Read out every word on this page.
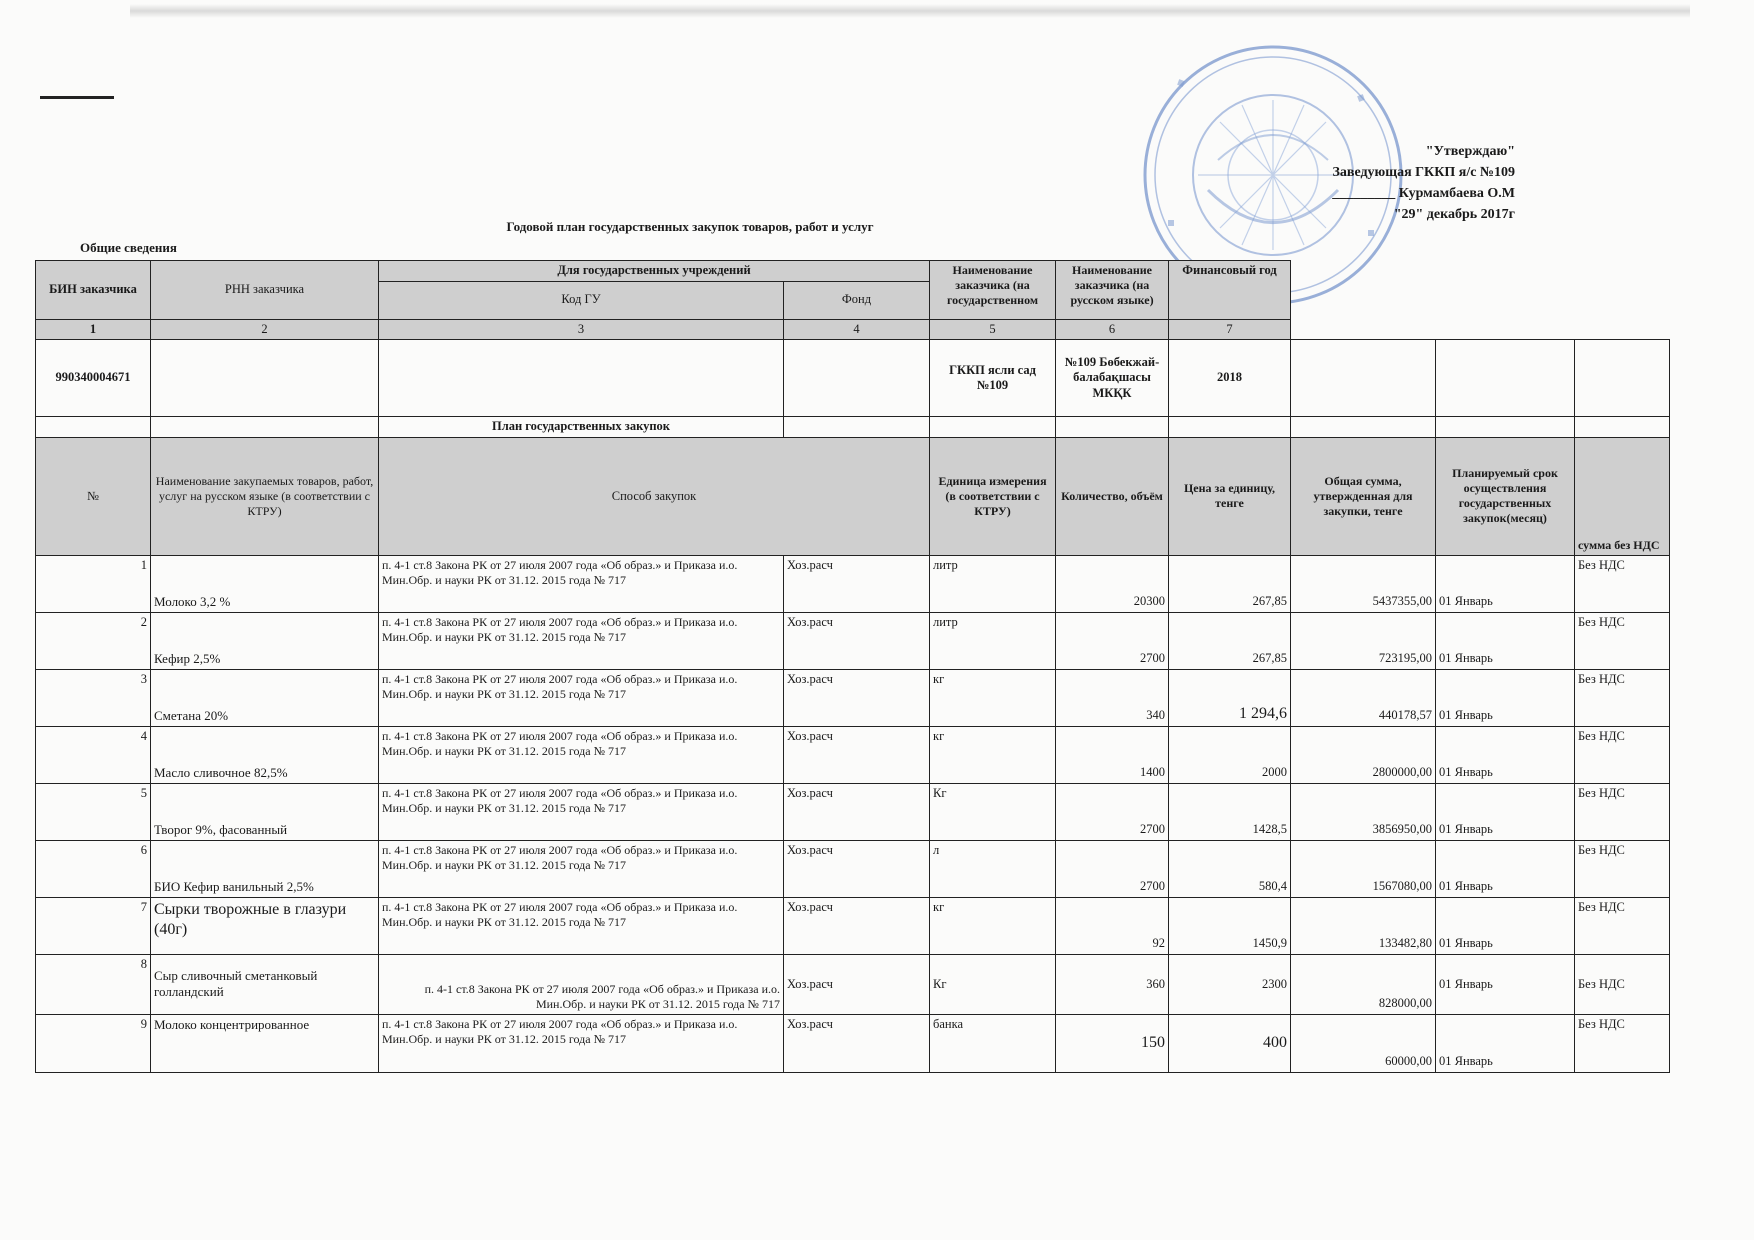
"Утверждаю"
Заведующая ГККП я/с №109
_________ Курмамбаева О.М
"29" декабрь 2017г
Годовой план государственных закупок товаров, работ и услуг
Общие сведения
БИН заказчика	РНН заказчика	Для государственных учреждений		Наименование заказчика (на государственном	Наименование заказчика (на русском языке)	Финансовый год			
		Код ГУ	Фонд						
1	2	3	4	5	6	7			
990340004671				ГККП ясли сад №109	№109 Бөбекжай-балабақшасы МКҚК	2018			
		План государственных закупок							
№	Наименование закупаемых товаров, работ, услуг на русском языке (в соответствии с КТРУ)	Способ закупок		Единица измерения (в соответствии с КТРУ)	Количество, объём	Цена за единицу, тенге	Общая сумма, утвержденная для закупки, тенге	Планируемый срок осуществления государственных закупок(месяц)	сумма без НДС
1	Молоко 3,2 %	п. 4-1 ст.8 Закона РК от 27 июля 2007 года «Об образ.» и Приказа и.о. Мин.Обр. и науки РК от 31.12. 2015 года № 717	Хоз.расч	литр	20300	267,85	5437355,00	01 Январь	Без НДС
2	Кефир 2,5%	п. 4-1 ст.8 Закона РК от 27 июля 2007 года «Об образ.» и Приказа и.о. Мин.Обр. и науки РК от 31.12. 2015 года № 717	Хоз.расч	литр	2700	267,85	723195,00	01 Январь	Без НДС
3	Сметана 20%	п. 4-1 ст.8 Закона РК от 27 июля 2007 года «Об образ.» и Приказа и.о. Мин.Обр. и науки РК от 31.12. 2015 года № 717	Хоз.расч	кг	340	1 294,6	440178,57	01 Январь	Без НДС
4	Масло сливочное 82,5%	п. 4-1 ст.8 Закона РК от 27 июля 2007 года «Об образ.» и Приказа и.о. Мин.Обр. и науки РК от 31.12. 2015 года № 717	Хоз.расч	кг	1400	2000	2800000,00	01 Январь	Без НДС
5	Творог 9%, фасованный	п. 4-1 ст.8 Закона РК от 27 июля 2007 года «Об образ.» и Приказа и.о. Мин.Обр. и науки РК от 31.12. 2015 года № 717	Хоз.расч	Кг	2700	1428,5	3856950,00	01 Январь	Без НДС
6	БИО Кефир ванильный 2,5%	п. 4-1 ст.8 Закона РК от 27 июля 2007 года «Об образ.» и Приказа и.о. Мин.Обр. и науки РК от 31.12. 2015 года № 717	Хоз.расч	л	2700	580,4	1567080,00	01 Январь	Без НДС
7	Сырки творожные в глазури (40г)	п. 4-1 ст.8 Закона РК от 27 июля 2007 года «Об образ.» и Приказа и.о. Мин.Обр. и науки РК от 31.12. 2015 года № 717	Хоз.расч	кг	92	1450,9	133482,80	01 Январь	Без НДС
8	Сыр сливочный сметанковый голландский	п. 4-1 ст.8 Закона РК от 27 июля 2007 года «Об образ.» и Приказа и.о. Мин.Обр. и науки РК от 31.12. 2015 года № 717	Хоз.расч	Кг	360	2300	828000,00	01 Январь	Без НДС
9	Молоко концентрированное	п. 4-1 ст.8 Закона РК от 27 июля 2007 года «Об образ.» и Приказа и.о. Мин.Обр. и науки РК от 31.12. 2015 года № 717	Хоз.расч	банка	150	400	60000,00	01 Январь	Без НДС
